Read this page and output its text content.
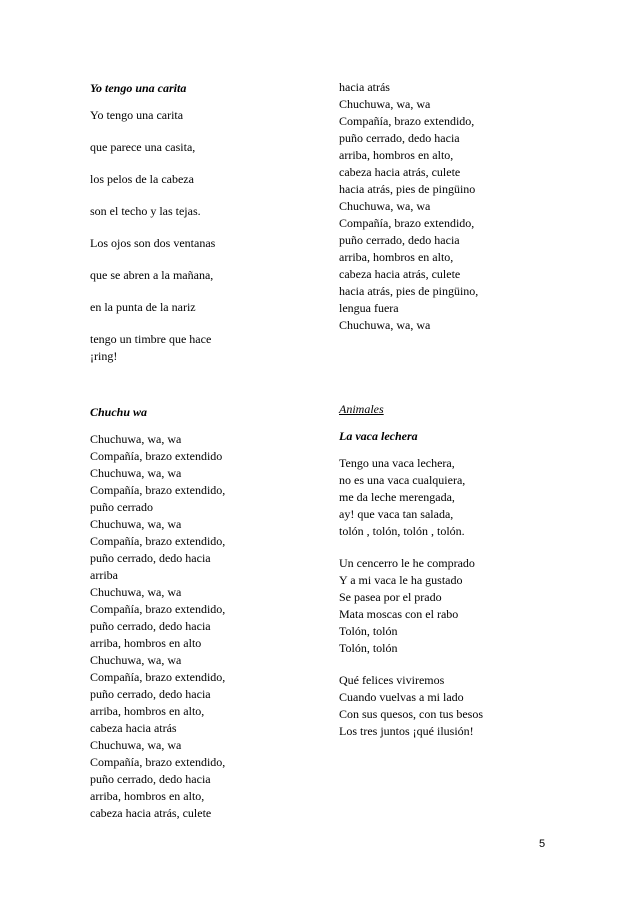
Yo tengo una carita

Yo tengo una carita

que parece una casita,

los pelos de la cabeza

son el techo y las tejas.

Los ojos son dos ventanas

que se abren a la mañana,

en la punta de la nariz

tengo un timbre que hace

¡ring!

Chuchu wa

Chuchuwa, wa, wa

Compañía, brazo extendido

Chuchuwa, wa, wa

Compañía, brazo extendido,

puño cerrado

Chuchuwa, wa, wa

Compañía, brazo extendido,

puño cerrado, dedo hacia

arriba

Chuchuwa, wa, wa

Compañía, brazo extendido,

puño cerrado, dedo hacia

arriba, hombros en alto

Chuchuwa, wa, wa

Compañía, brazo extendido,

puño cerrado, dedo hacia

arriba, hombros en alto,

cabeza hacia atrás

Chuchuwa, wa, wa

Compañía, brazo extendido,

puño cerrado, dedo hacia

arriba, hombros en alto,

cabeza hacia atrás, culete

hacia atrás

Chuchuwa, wa, wa

Compañía, brazo extendido,

puño cerrado, dedo hacia

arriba, hombros en alto,

cabeza hacia atrás, culete

hacia atrás, pies de pingüino

Chuchuwa, wa, wa

Compañía, brazo extendido,

puño cerrado, dedo hacia

arriba, hombros en alto,

cabeza hacia atrás, culete

hacia atrás, pies de pingüino,

lengua fuera

Chuchuwa, wa, wa

Animales

La vaca lechera

Tengo una vaca lechera,

no es una vaca cualquiera,

me da leche merengada,

ay! que vaca tan salada,

tolón , tolón, tolón , tolón.

Un cencerro le he comprado

Y a mi vaca le ha gustado

Se pasea por el prado

Mata moscas con el rabo

Tolón, tolón

Tolón, tolón

Qué felices viviremos

Cuando vuelvas a mi lado

Con sus quesos, con tus besos

Los tres juntos ¡qué ilusión!

5
